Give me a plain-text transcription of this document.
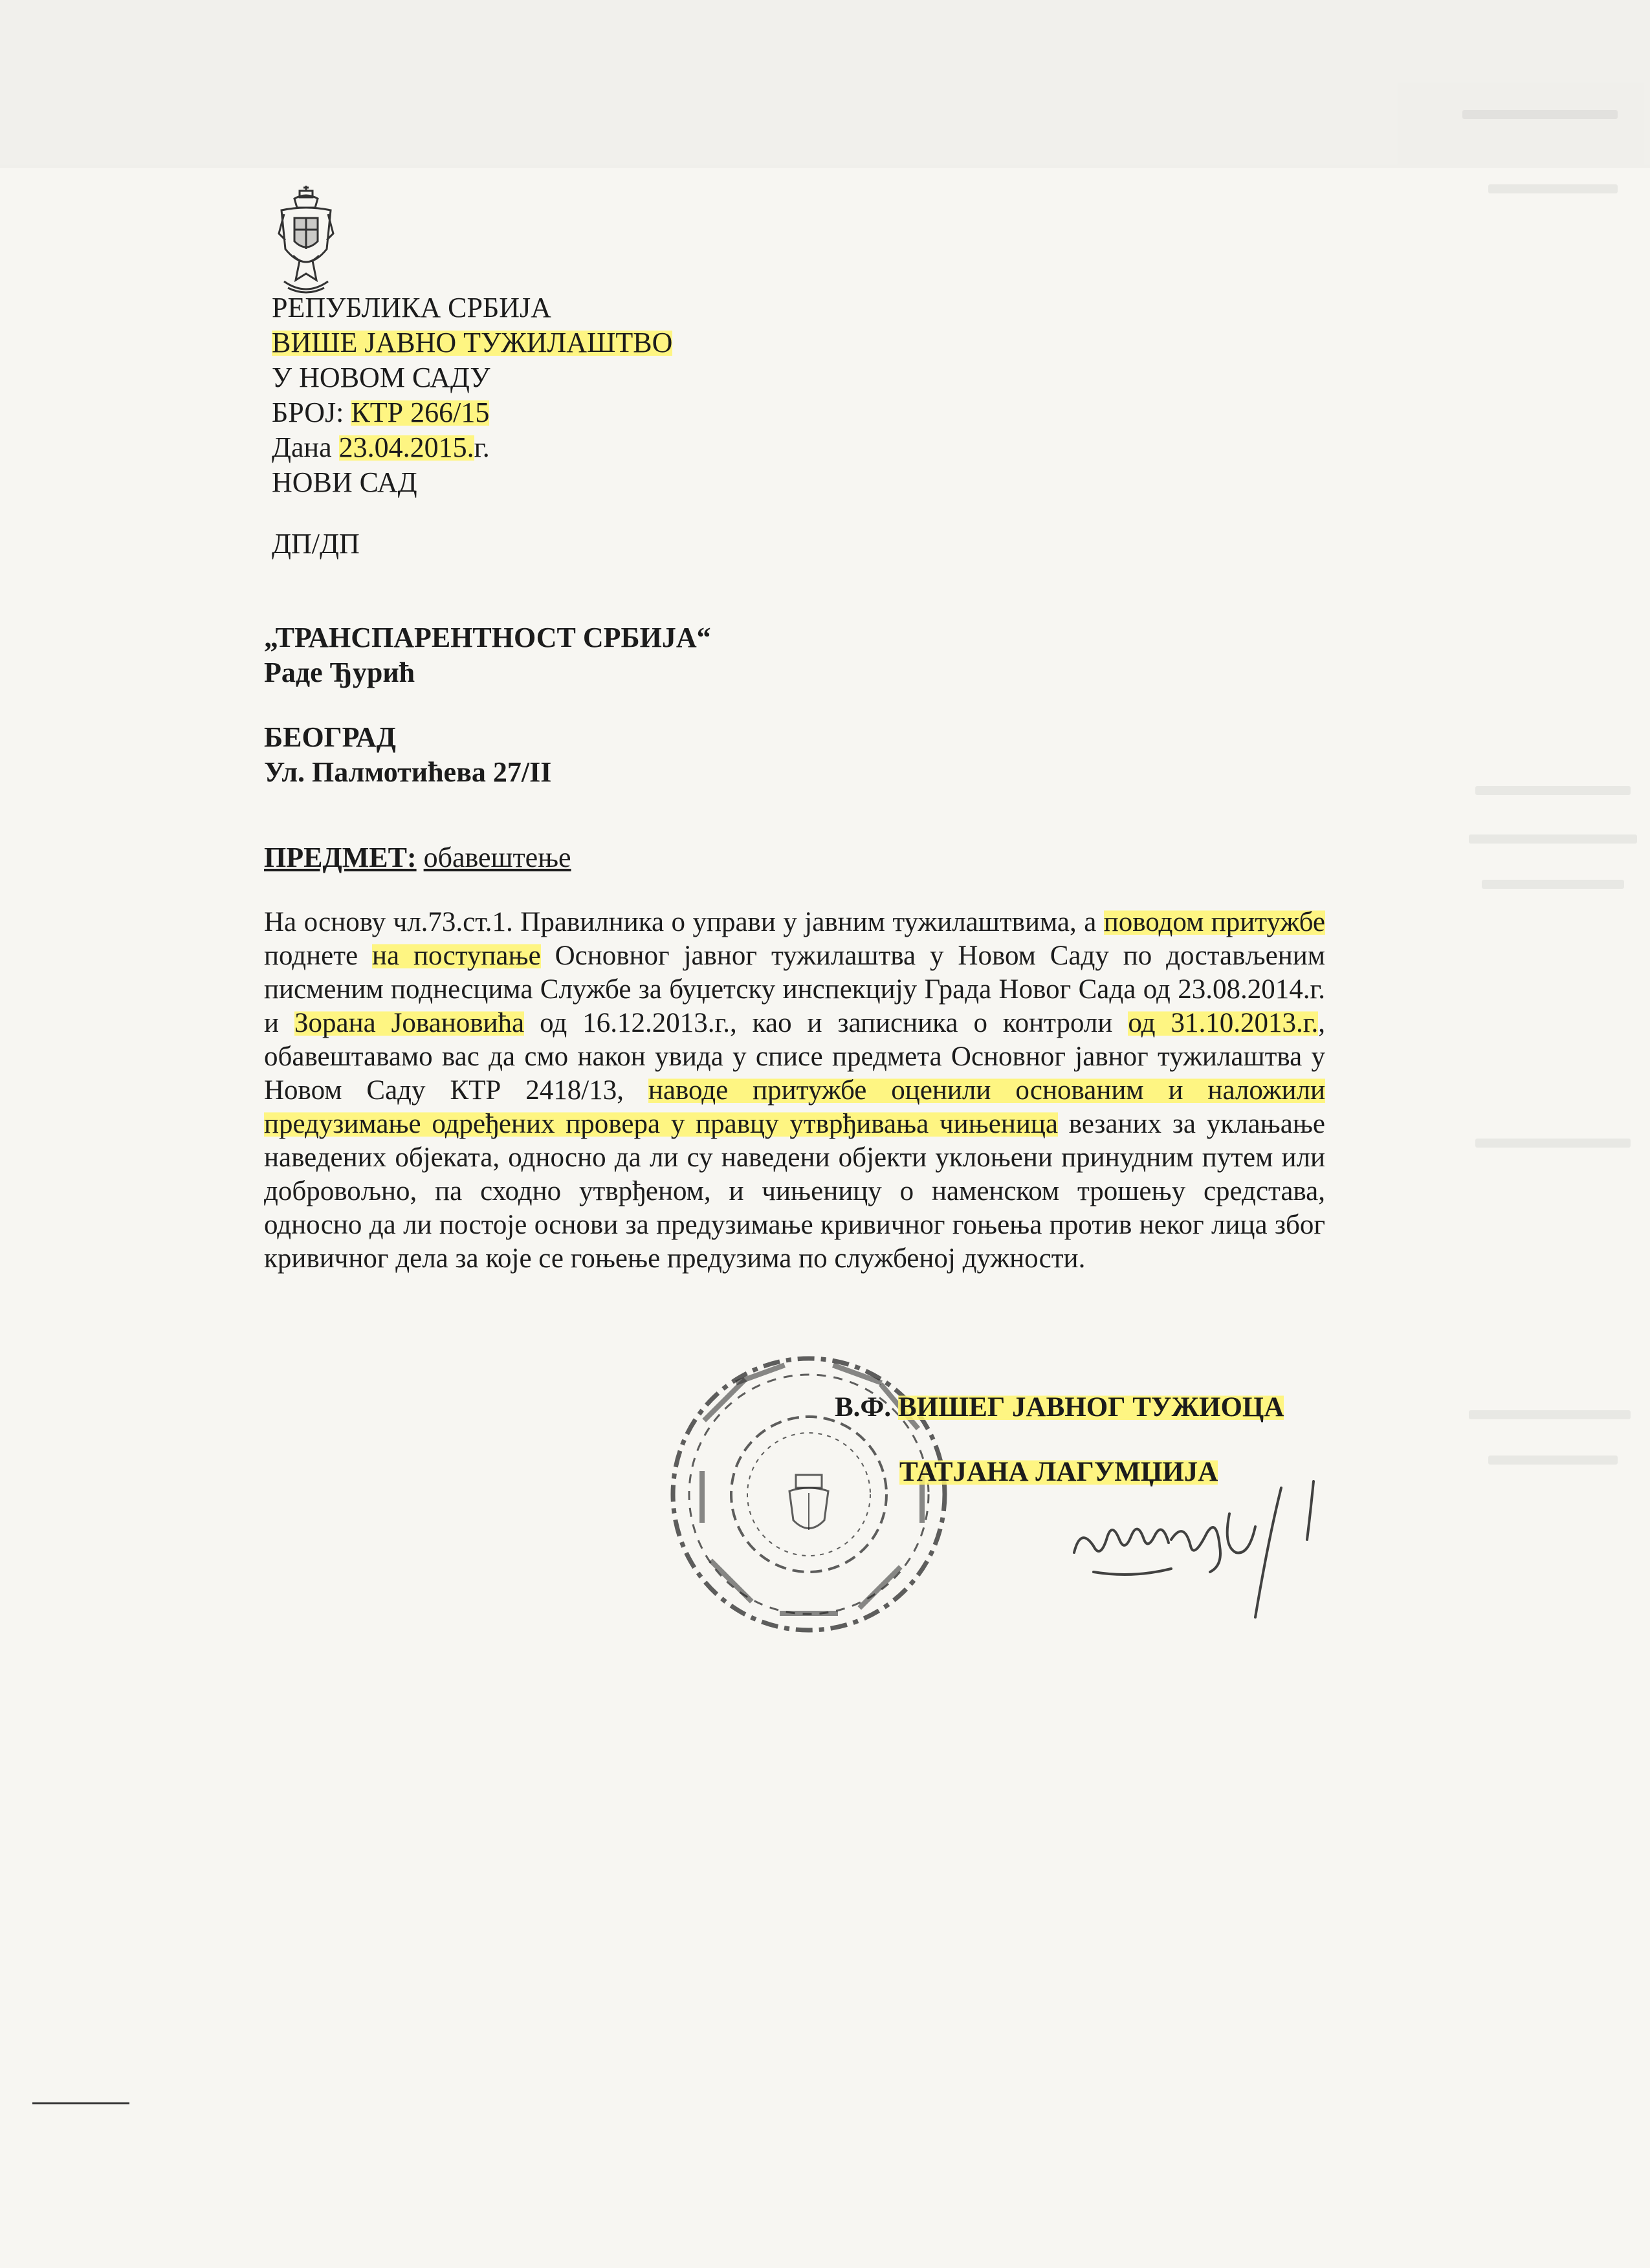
РЕПУБЛИКА СРБИЈА
ВИШЕ ЈАВНО ТУЖИЛАШТВО
У НОВОМ САДУ
БРОЈ: КТР 266/15
Дана 23.04.2015.г.
НОВИ САД
ДП/ДП
„ТРАНСПАРЕНТНОСТ СРБИЈА“
Раде Ђурић
БЕОГРАД
Ул. Палмотићева 27/II
ПРЕДМЕТ: обавештење
На основу чл.73.ст.1. Правилника о управи у јавним тужилаштвима, а поводом притужбе поднете на поступање Основног јавног тужилаштва у Новом Саду по достављеним писменим поднесцима Службе за буџетску инспекцију Града Новог Сада од 23.08.2014.г. и Зорана Јовановића од 16.12.2013.г., као и записника о контроли од 31.10.2013.г., обавештавамо вас да смо након увида у списе предмета Основног јавног тужилаштва у Новом Саду КТР 2418/13, наводе притужбе оценили основаним и наложили предузимање одређених провера у правцу утврђивања чињеница везаних за уклањање наведених објеката, односно да ли су наведени објекти уклоњени принудним путем или добровољно, па сходно утврђеном, и чињеницу о наменском трошењу средстава, односно да ли постоје основи за предузимање кривичног гоњења против неког лица због кривичног дела за које се гоњење предузима по службеној дужности.
В.Ф. ВИШЕГ ЈАВНОГ ТУЖИОЦА
ТАТЈАНА ЛАГУМЏИЈА
